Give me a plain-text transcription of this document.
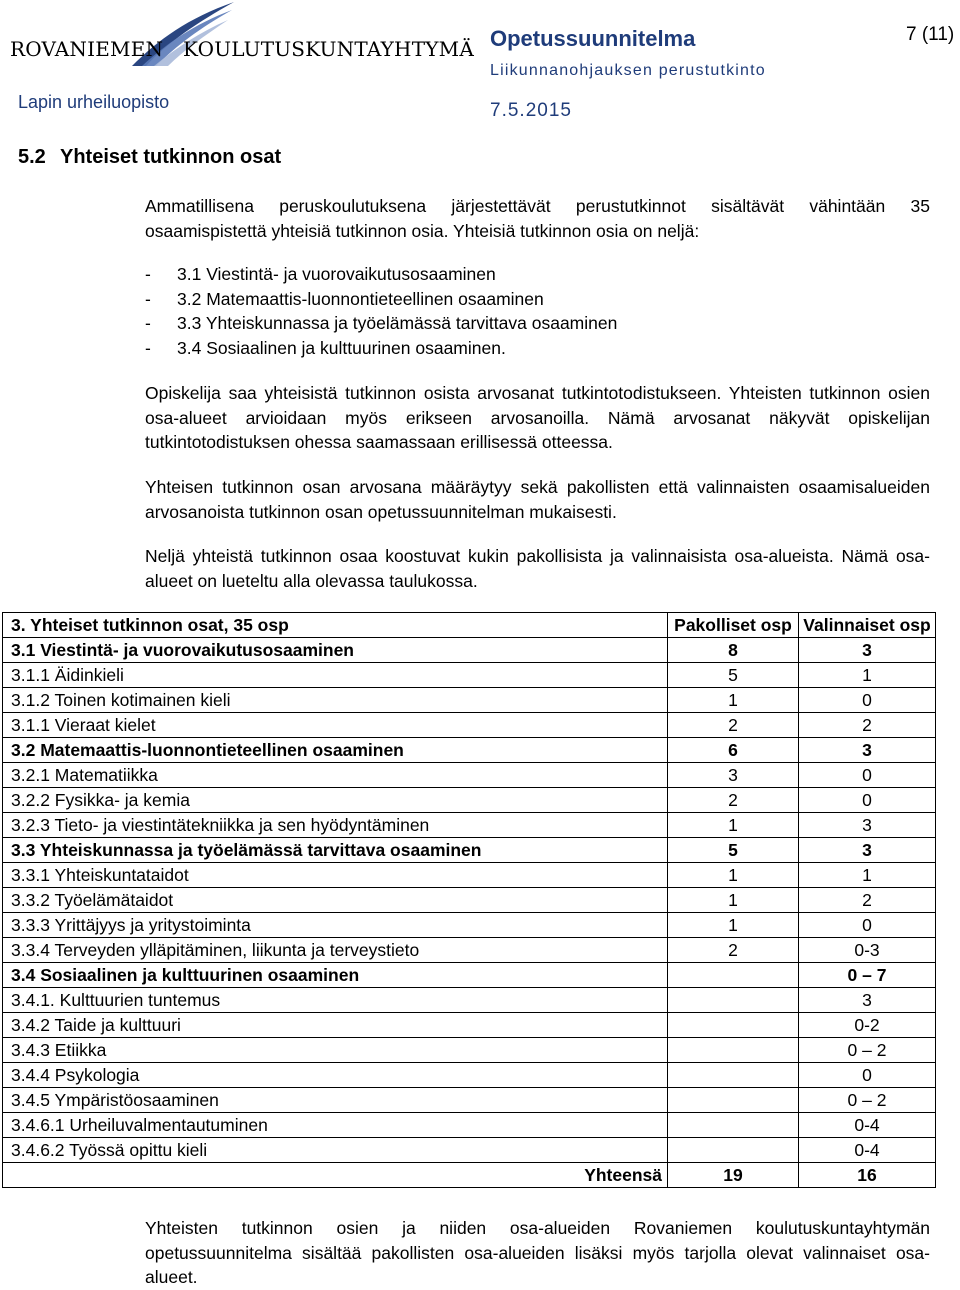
ROVANIEMEN KOULUTUSKUNTAYHTYMÄ
Lapin urheiluopisto
Opetussuunnitelma
Liikunnanohjauksen perustutkinto
7.5.2015
7 (11)
5.2 Yhteiset tutkinnon osat

Ammatillisena peruskoulutuksena järjestettävät perustutkinnot sisältävät vähintään 35 osaamispistettä yhteisiä tutkinnon osia. Yhteisiä tutkinnon osia on neljä:

- 3.1 Viestintä- ja vuorovaikutusosaaminen
- 3.2 Matemaattis-luonnontieteellinen osaaminen
- 3.3 Yhteiskunnassa ja työelämässä tarvittava osaaminen
- 3.4 Sosiaalinen ja kulttuurinen osaaminen.

Opiskelija saa yhteisistä tutkinnon osista arvosanat tutkintotodistukseen. Yhteisten tutkinnon osien osa-alueet arvioidaan myös erikseen arvosanoilla. Nämä arvosanat näkyvät opiskelijan tutkintotodistuksen ohessa saamassaan erillisessä otteessa.

Yhteisen tutkinnon osan arvosana määräytyy sekä pakollisten että valinnaisten osaamisalueiden arvosanoista tutkinnon osan opetussuunnitelman mukaisesti.

Neljä yhteistä tutkinnon osaa koostuvat kukin pakollisista ja valinnaisista osa-alueista. Nämä osa-alueet on lueteltu alla olevassa taulukossa.

3. Yhteiset tutkinnon osat, 35 osp	Pakolliset osp	Valinnaiset osp
3.1 Viestintä- ja vuorovaikutusosaaminen	8	3
3.1.1 Äidinkieli	5	1
3.1.2 Toinen kotimainen kieli	1	0
3.1.1 Vieraat kielet	2	2
3.2 Matemaattis-luonnontieteellinen osaaminen	6	3
3.2.1 Matematiikka	3	0
3.2.2 Fysikka- ja kemia	2	0
3.2.3 Tieto- ja viestintätekniikka ja sen hyödyntäminen	1	3
3.3 Yhteiskunnassa ja työelämässä tarvittava osaaminen	5	3
3.3.1 Yhteiskuntataidot	1	1
3.3.2 Työelämätaidot	1	2
3.3.3 Yrittäjyys ja yritystoiminta	1	0
3.3.4 Terveyden ylläpitäminen, liikunta ja terveystieto	2	0-3
3.4 Sosiaalinen ja kulttuurinen osaaminen		0 – 7
3.4.1. Kulttuurien tuntemus		3
3.4.2 Taide ja kulttuuri		0-2
3.4.3 Etiikka		0 – 2
3.4.4 Psykologia		0
3.4.5 Ympäristöosaaminen		0 – 2
3.4.6.1 Urheiluvalmentautuminen		0-4
3.4.6.2 Työssä opittu kieli		0-4
Yhteensä	19	16

Yhteisten tutkinnon osien ja niiden osa-alueiden Rovaniemen koulutuskuntayhtymän opetussuunnitelma sisältää pakollisten osa-alueiden lisäksi myös tarjolla olevat valinnaiset osa-alueet.
